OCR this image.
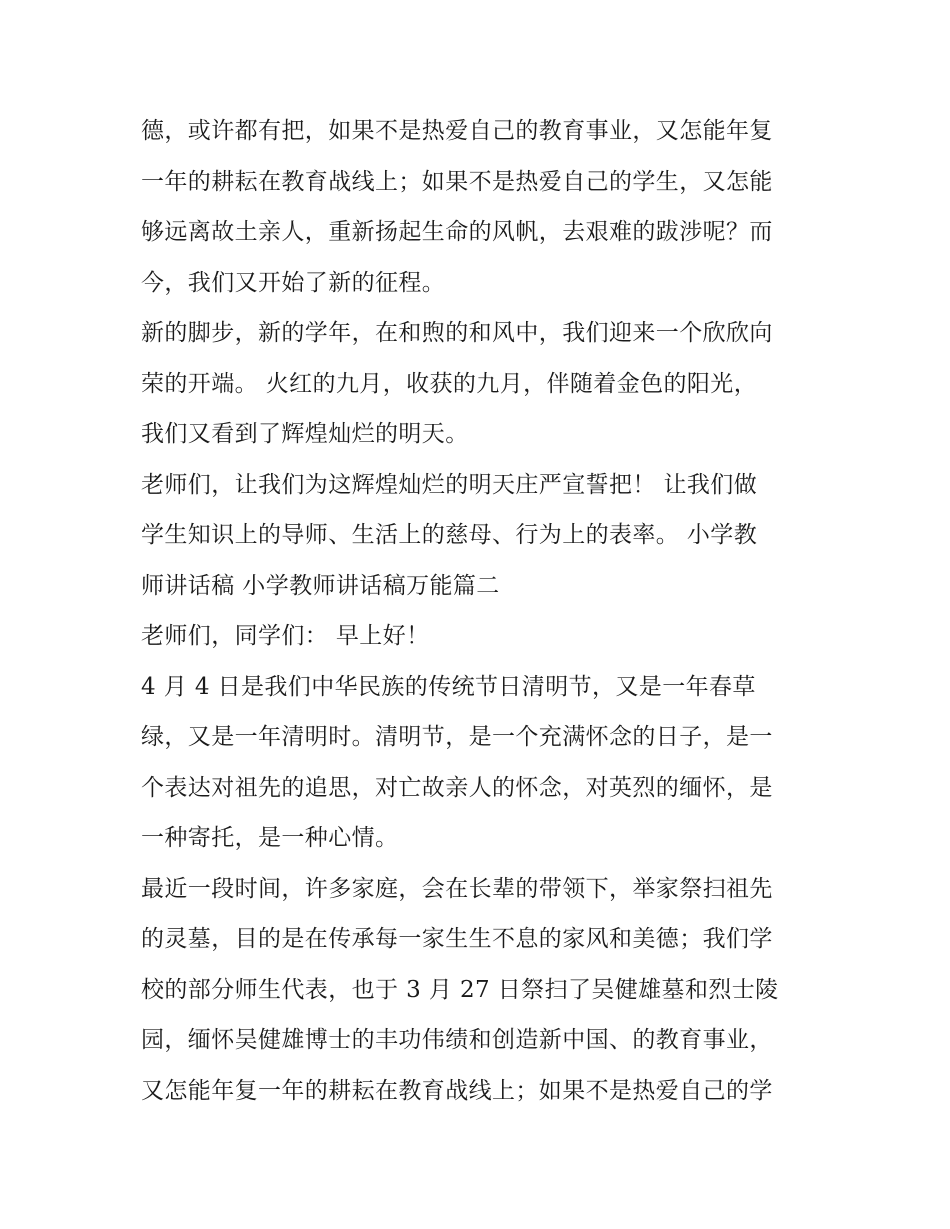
德，或许都有把，如果不是热爱自己的教育事业，又怎能年复
一年的耕耘在教育战线上；如果不是热爱自己的学生，又怎能
够远离故土亲人，重新扬起生命的风帆，去艰难的跋涉呢？而
今，我们又开始了新的征程。
新的脚步，新的学年，在和煦的和风中，我们迎来一个欣欣向
荣的开端。 火红的九月，收获的九月，伴随着金色的阳光，
我们又看到了辉煌灿烂的明天。
老师们，让我们为这辉煌灿烂的明天庄严宣誓把！ 让我们做
学生知识上的导师、生活上的慈母、行为上的表率。 小学教
师讲话稿 小学教师讲话稿万能篇二
老师们，同学们： 早上好！
4 月 4 日是我们中华民族的传统节日清明节，又是一年春草
绿，又是一年清明时。清明节，是一个充满怀念的日子，是一
个表达对祖先的追思，对亡故亲人的怀念，对英烈的缅怀，是
一种寄托，是一种心情。
最近一段时间，许多家庭，会在长辈的带领下，举家祭扫祖先
的灵墓，目的是在传承每一家生生不息的家风和美德；我们学
校的部分师生代表，也于 3 月 27 日祭扫了吴健雄墓和烈士陵
园，缅怀吴健雄博士的丰功伟绩和创造新中国、的教育事业，
又怎能年复一年的耕耘在教育战线上；如果不是热爱自己的学
